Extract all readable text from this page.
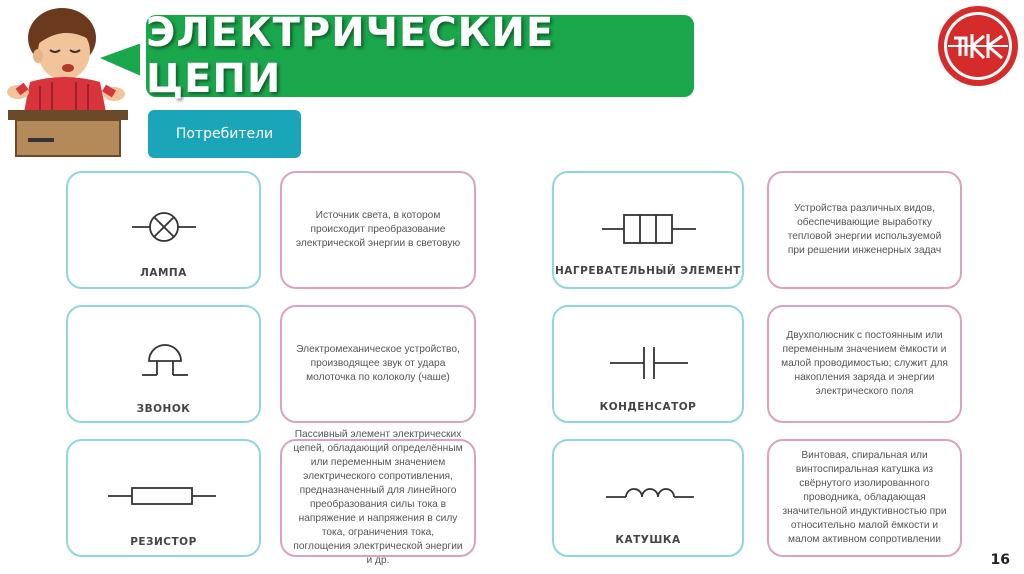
ЭЛЕКТРИЧЕСКИЕ ЦЕПИ
Потребители
ЛАМПА
Источник света, в котором происходит преобразование электрической энергии в световую
НАГРЕВАТЕЛЬНЫЙ ЭЛЕМЕНТ
Устройства различных видов, обеспечивающие выработку тепловой энергии используемой при решении инженерных задач
ЗВОНОК
Электромеханическое устройство, производящее звук от удара молоточка по колоколу (чаше)
КОНДЕНСАТОР
Двухполюсник с постоянным или переменным значением ёмкости и малой проводимостью; служит для накопления заряда и энергии электрического поля
РЕЗИСТОР
Пассивный элемент электрических цепей, обладающий определённым или переменным значением электрического сопротивления, предназначенный для линейного преобразования силы тока в напряжение и напряжения в силу тока, ограничения тока, поглощения электрической энергии и др.
КАТУШКА
Винтовая, спиральная или винтоспиральная катушка из свёрнутого изолированного проводника, обладающая значительной индуктивностью при относительно малой ёмкости и малом активном сопротивлении
16
